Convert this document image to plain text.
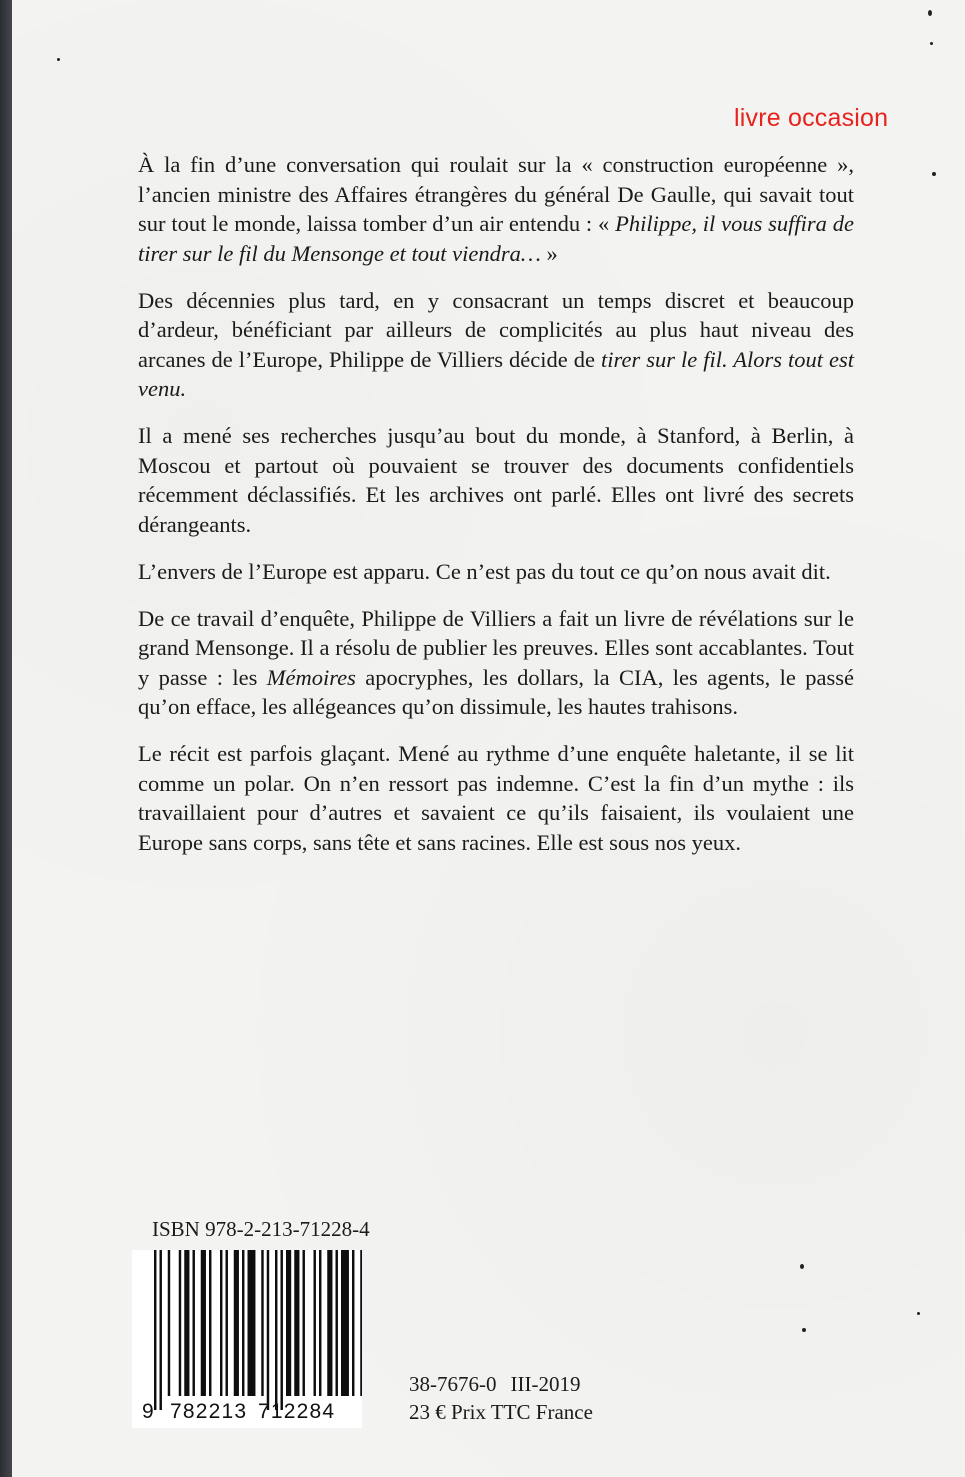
livre occasion

À la fin d’une conversation qui roulait sur la « construction européenne », l’ancien ministre des Affaires étrangères du général De Gaulle, qui savait tout sur tout le monde, laissa tomber d’un air entendu : « Philippe, il vous suffira de tirer sur le fil du Mensonge et tout viendra… »

Des décennies plus tard, en y consacrant un temps discret et beaucoup d’ardeur, bénéficiant par ailleurs de complicités au plus haut niveau des arcanes de l’Europe, Philippe de Villiers décide de tirer sur le fil. Alors tout est venu.

Il a mené ses recherches jusqu’au bout du monde, à Stanford, à Berlin, à Moscou et partout où pouvaient se trouver des documents confidentiels récemment déclassifiés. Et les archives ont parlé. Elles ont livré des secrets dérangeants.

L’envers de l’Europe est apparu. Ce n’est pas du tout ce qu’on nous avait dit.

De ce travail d’enquête, Philippe de Villiers a fait un livre de révélations sur le grand Mensonge. Il a résolu de publier les preuves. Elles sont accablantes. Tout y passe : les Mémoires apocryphes, les dollars, la CIA, les agents, le passé qu’on efface, les allégeances qu’on dissimule, les hautes trahisons.

Le récit est parfois glaçant. Mené au rythme d’une enquête haletante, il se lit comme un polar. On n’en ressort pas indemne. C’est la fin d’un mythe : ils travaillaient pour d’autres et savaient ce qu’ils faisaient, ils voulaient une Europe sans corps, sans tête et sans racines. Elle est sous nos yeux.

ISBN 978-2-213-71228-4
9 782213 712284
38-7676-0 III-2019
23 € Prix TTC France
